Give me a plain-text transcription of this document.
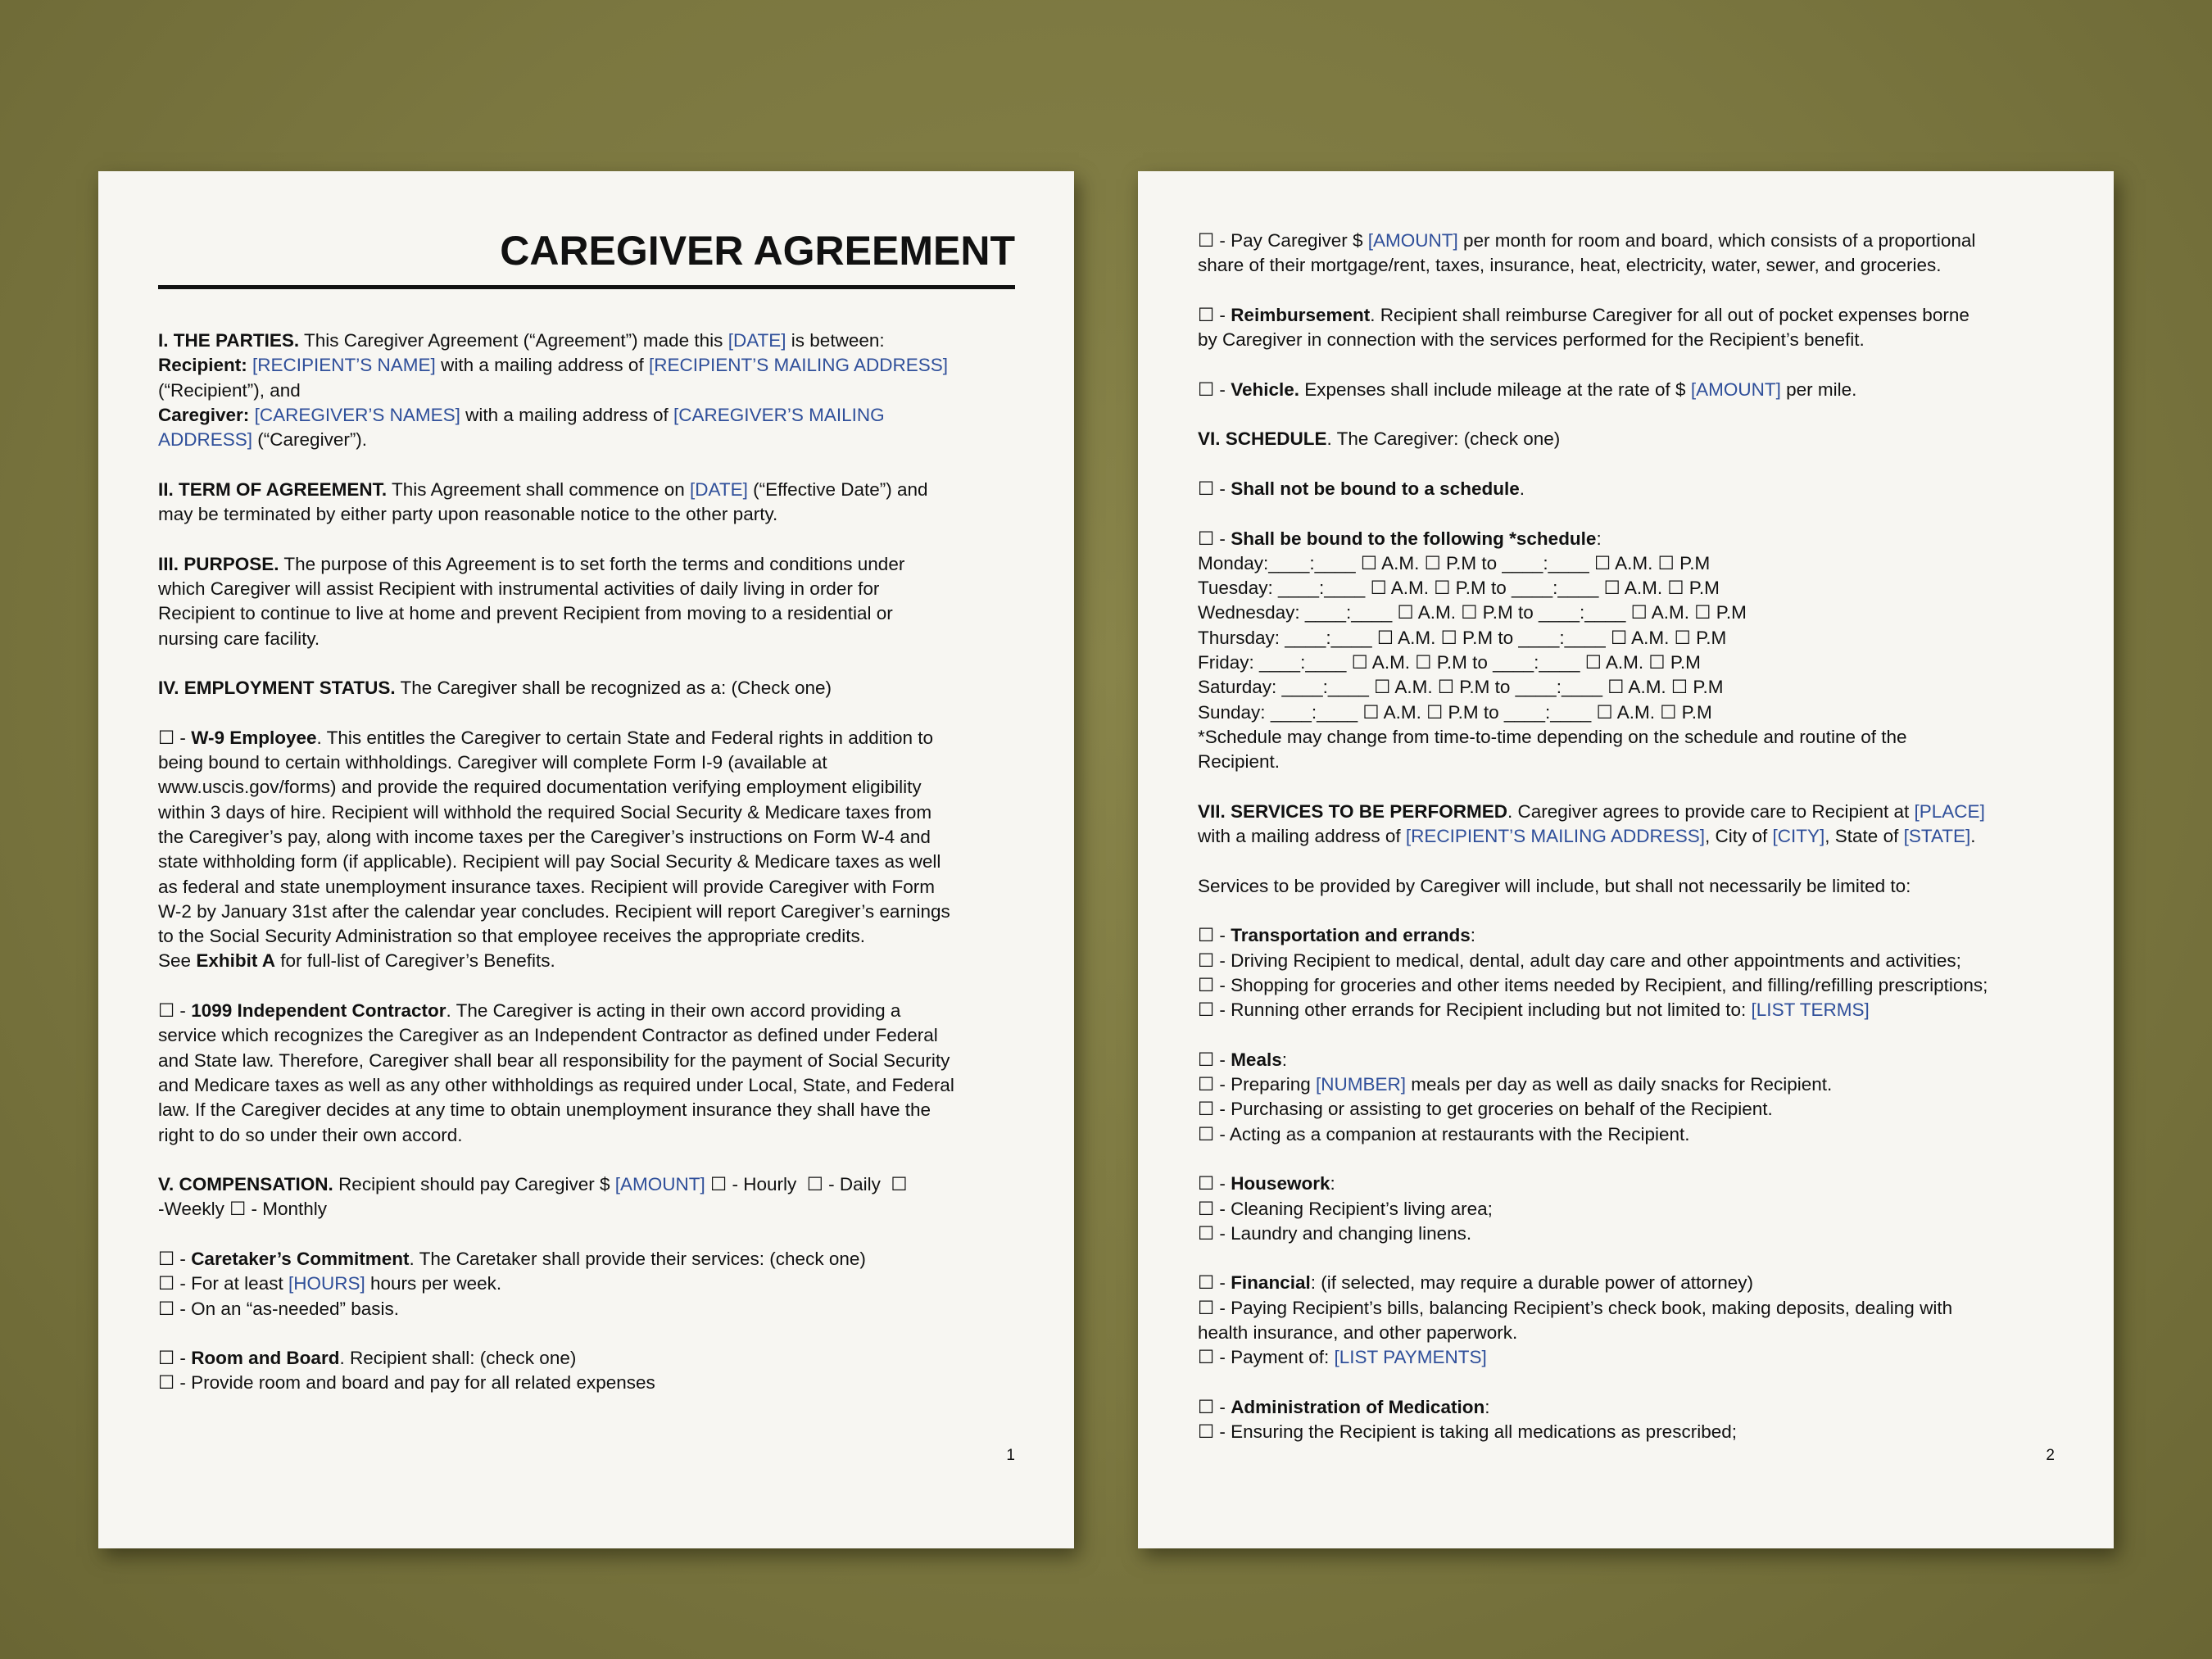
CAREGIVER AGREEMENT
I. THE PARTIES. This Caregiver Agreement (“Agreement”) made this [DATE] is between:
Recipient: [RECIPIENT’S NAME] with a mailing address of [RECIPIENT’S MAILING ADDRESS]
(“Recipient”), and
Caregiver: [CAREGIVER’S NAMES] with a mailing address of [CAREGIVER’S MAILING
ADDRESS] (“Caregiver”).
II. TERM OF AGREEMENT. This Agreement shall commence on [DATE] (“Effective Date”) and
may be terminated by either party upon reasonable notice to the other party.
III. PURPOSE. The purpose of this Agreement is to set forth the terms and conditions under
which Caregiver will assist Recipient with instrumental activities of daily living in order for
Recipient to continue to live at home and prevent Recipient from moving to a residential or
nursing care facility.
IV. EMPLOYMENT STATUS. The Caregiver shall be recognized as a: (Check one)
☐ - W-9 Employee. This entitles the Caregiver to certain State and Federal rights in addition to
being bound to certain withholdings. Caregiver will complete Form I-9 (available at
www.uscis.gov/forms) and provide the required documentation verifying employment eligibility
within 3 days of hire. Recipient will withhold the required Social Security & Medicare taxes from
the Caregiver’s pay, along with income taxes per the Caregiver’s instructions on Form W-4 and
state withholding form (if applicable). Recipient will pay Social Security & Medicare taxes as well
as federal and state unemployment insurance taxes. Recipient will provide Caregiver with Form
W-2 by January 31st after the calendar year concludes. Recipient will report Caregiver’s earnings
to the Social Security Administration so that employee receives the appropriate credits.
See Exhibit A for full-list of Caregiver’s Benefits.
☐ - 1099 Independent Contractor. The Caregiver is acting in their own accord providing a
service which recognizes the Caregiver as an Independent Contractor as defined under Federal
and State law. Therefore, Caregiver shall bear all responsibility for the payment of Social Security
and Medicare taxes as well as any other withholdings as required under Local, State, and Federal
law. If the Caregiver decides at any time to obtain unemployment insurance they shall have the
right to do so under their own accord.
V. COMPENSATION. Recipient should pay Caregiver $ [AMOUNT] ☐ - Hourly  ☐ - Daily  ☐
-Weekly ☐ - Monthly
☐ - Caretaker’s Commitment. The Caretaker shall provide their services: (check one)
☐ - For at least [HOURS] hours per week.
☐ - On an “as-needed” basis.
☐ - Room and Board. Recipient shall: (check one)
☐ - Provide room and board and pay for all related expenses
1
☐ - Pay Caregiver $ [AMOUNT] per month for room and board, which consists of a proportional
share of their mortgage/rent, taxes, insurance, heat, electricity, water, sewer, and groceries.
☐ - Reimbursement. Recipient shall reimburse Caregiver for all out of pocket expenses borne
by Caregiver in connection with the services performed for the Recipient’s benefit.
☐ - Vehicle. Expenses shall include mileage at the rate of $ [AMOUNT] per mile.
VI. SCHEDULE. The Caregiver: (check one)
☐ - Shall not be bound to a schedule.
☐ - Shall be bound to the following *schedule:
Monday:____:____ ☐ A.M. ☐ P.M to ____:____ ☐ A.M. ☐ P.M
Tuesday: ____:____ ☐ A.M. ☐ P.M to ____:____ ☐ A.M. ☐ P.M
Wednesday: ____:____ ☐ A.M. ☐ P.M to ____:____ ☐ A.M. ☐ P.M
Thursday: ____:____ ☐ A.M. ☐ P.M to ____:____ ☐ A.M. ☐ P.M
Friday: ____:____ ☐ A.M. ☐ P.M to ____:____ ☐ A.M. ☐ P.M
Saturday: ____:____ ☐ A.M. ☐ P.M to ____:____ ☐ A.M. ☐ P.M
Sunday: ____:____ ☐ A.M. ☐ P.M to ____:____ ☐ A.M. ☐ P.M
*Schedule may change from time-to-time depending on the schedule and routine of the
Recipient.
VII. SERVICES TO BE PERFORMED. Caregiver agrees to provide care to Recipient at [PLACE]
with a mailing address of [RECIPIENT’S MAILING ADDRESS], City of [CITY], State of [STATE].
Services to be provided by Caregiver will include, but shall not necessarily be limited to:
☐ - Transportation and errands:
☐ - Driving Recipient to medical, dental, adult day care and other appointments and activities;
☐ - Shopping for groceries and other items needed by Recipient, and filling/refilling prescriptions;
☐ - Running other errands for Recipient including but not limited to: [LIST TERMS]
☐ - Meals:
☐ - Preparing [NUMBER] meals per day as well as daily snacks for Recipient.
☐ - Purchasing or assisting to get groceries on behalf of the Recipient.
☐ - Acting as a companion at restaurants with the Recipient.
☐ - Housework:
☐ - Cleaning Recipient’s living area;
☐ - Laundry and changing linens.
☐ - Financial: (if selected, may require a durable power of attorney)
☐ - Paying Recipient’s bills, balancing Recipient’s check book, making deposits, dealing with
health insurance, and other paperwork.
☐ - Payment of: [LIST PAYMENTS]
☐ - Administration of Medication:
☐ - Ensuring the Recipient is taking all medications as prescribed;
2
